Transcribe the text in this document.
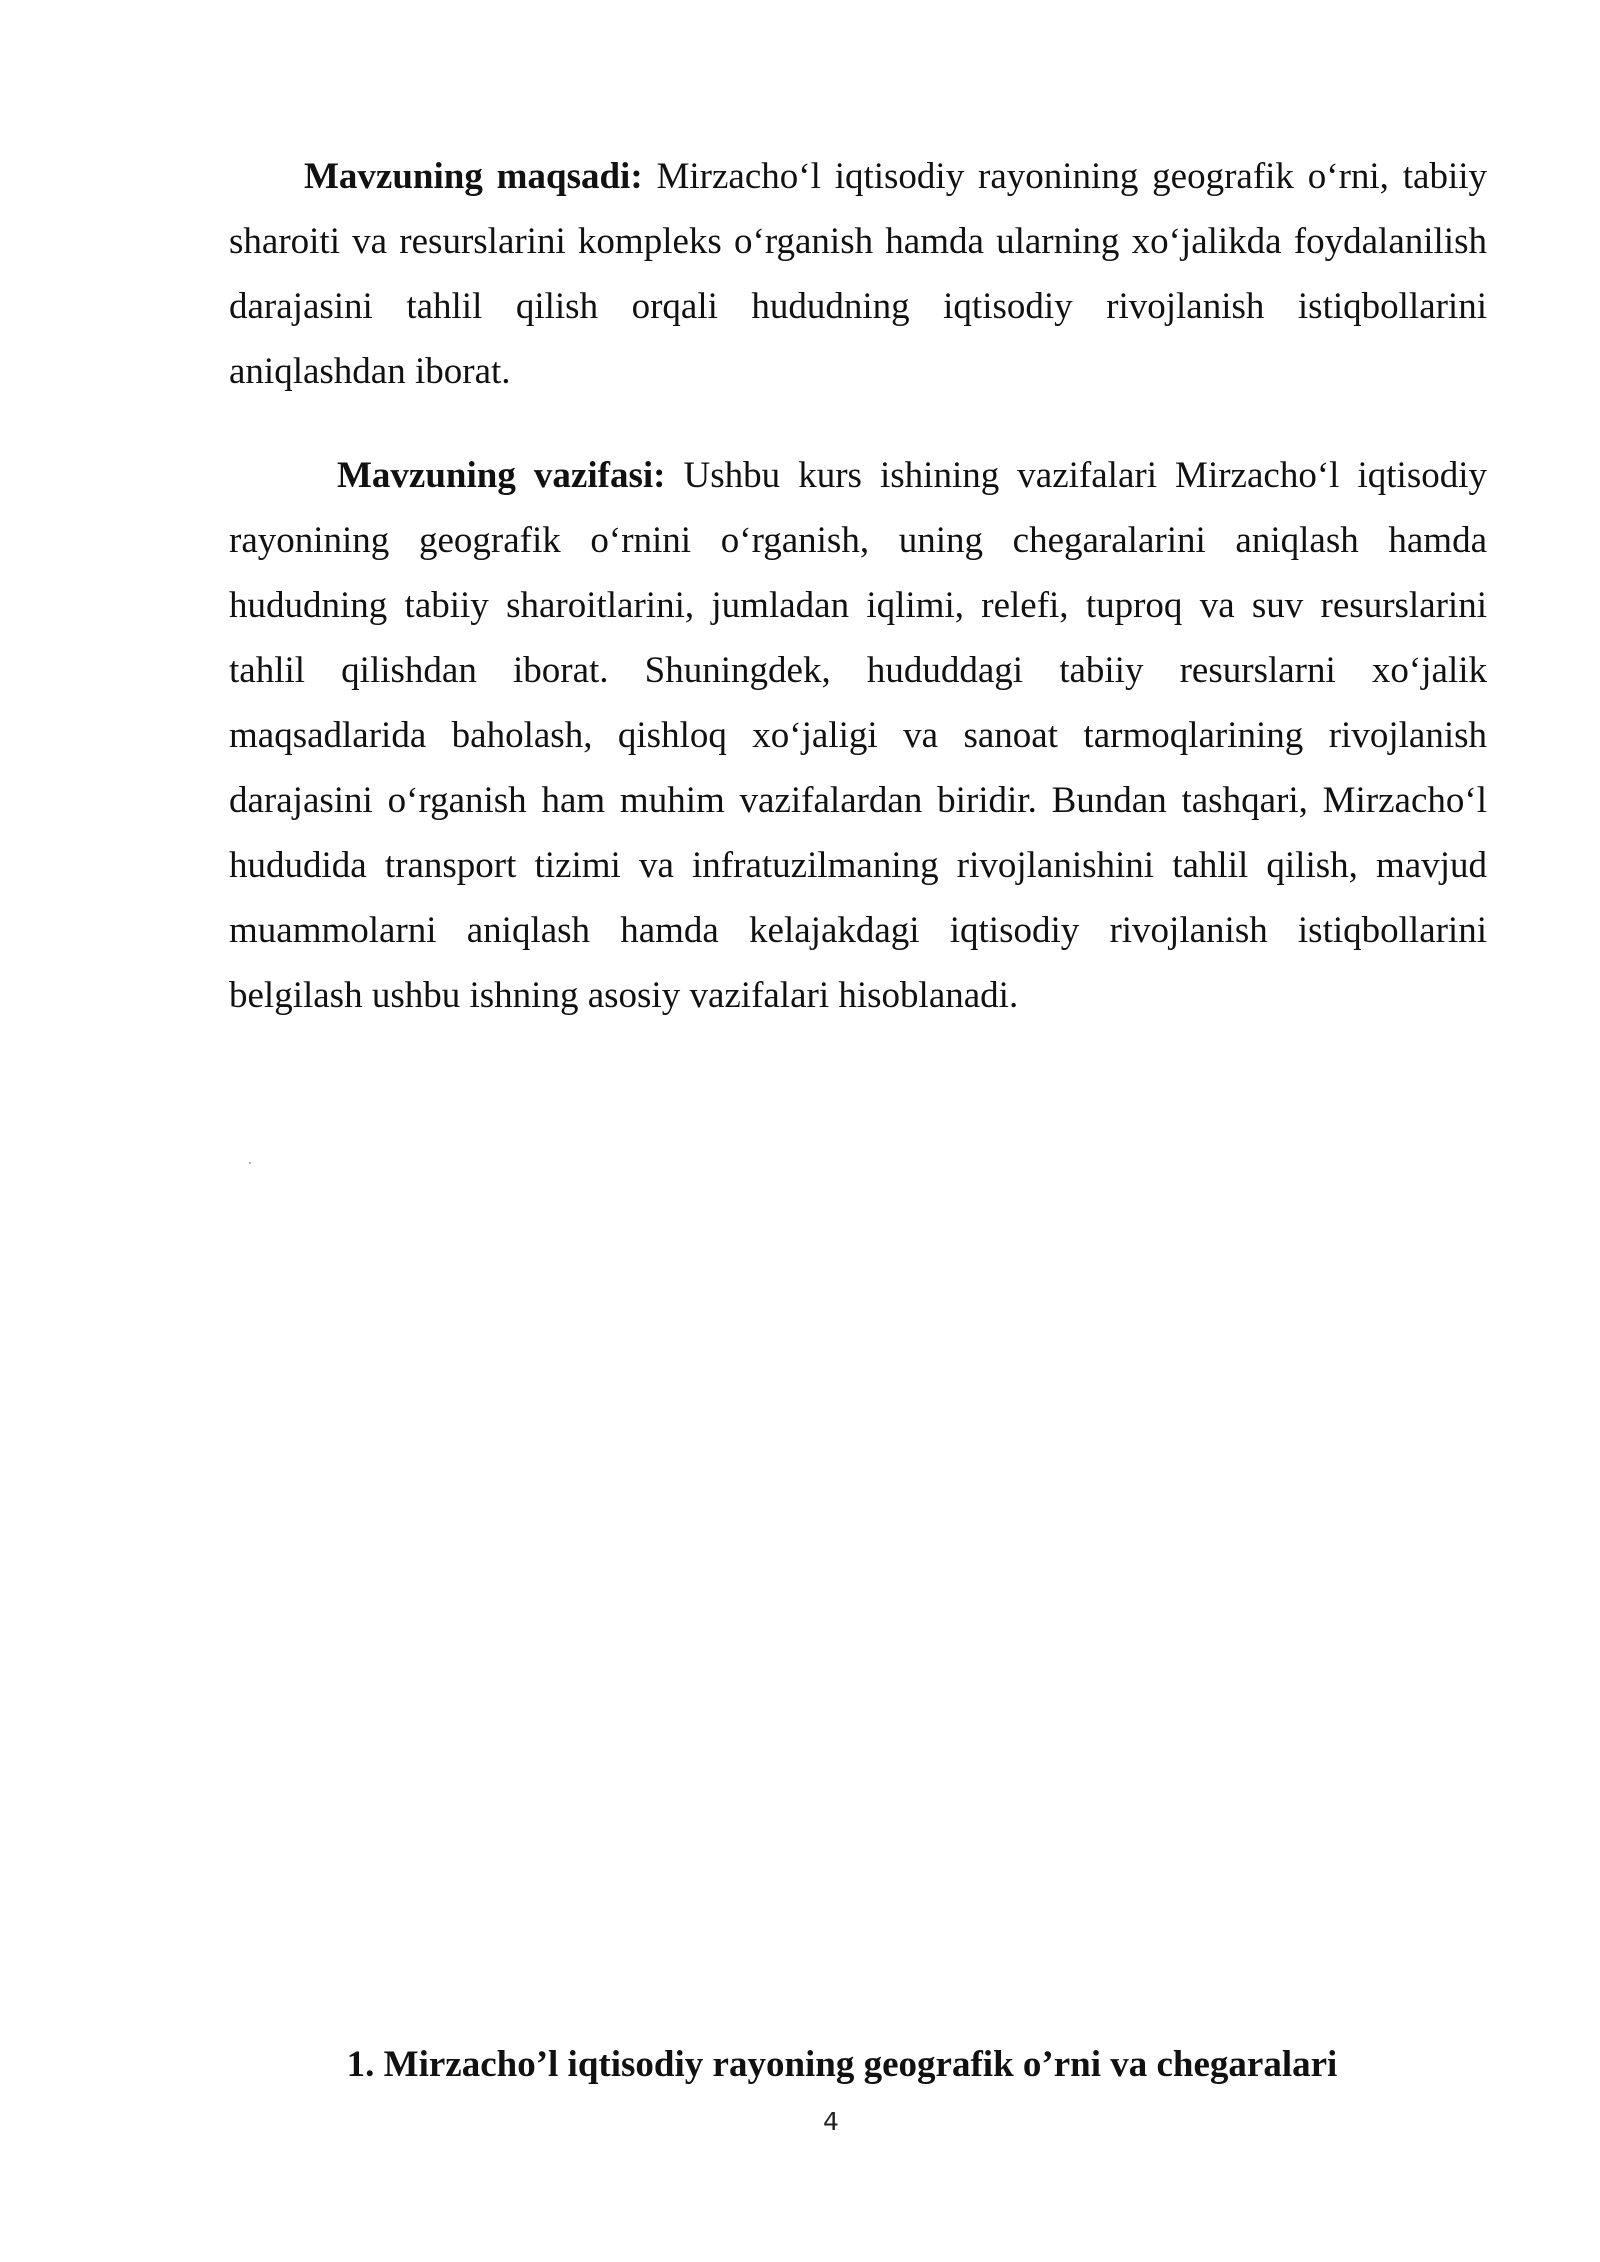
Mavzuning maqsadi: Mirzacho‘l iqtisodiy rayonining geografik o‘rni, tabiiy sharoiti va resurslarini kompleks o‘rganish hamda ularning xo‘jalikda foydalanilish darajasini tahlil qilish orqali hududning iqtisodiy rivojlanish istiqbollarini aniqlashdan iborat.

Mavzuning vazifasi: Ushbu kurs ishining vazifalari Mirzacho‘l iqtisodiy rayonining geografik o‘rnini o‘rganish, uning chegaralarini aniqlash hamda hududning tabiiy sharoitlarini, jumladan iqlimi, relefi, tuproq va suv resurslarini tahlil qilishdan iborat. Shuningdek, hududdagi tabiiy resurslarni xo‘jalik maqsadlarida baholash, qishloq xo‘jaligi va sanoat tarmoqlarining rivojlanish darajasini o‘rganish ham muhim vazifalardan biridir. Bundan tashqari, Mirzacho‘l hududida transport tizimi va infratuzilmaning rivojlanishini tahlil qilish, mavjud muammolarni aniqlash hamda kelajakdagi iqtisodiy rivojlanish istiqbollarini belgilash ushbu ishning asosiy vazifalari hisoblanadi.

1. Mirzacho’l iqtisodiy rayoning geografik o’rni va chegaralari
4
